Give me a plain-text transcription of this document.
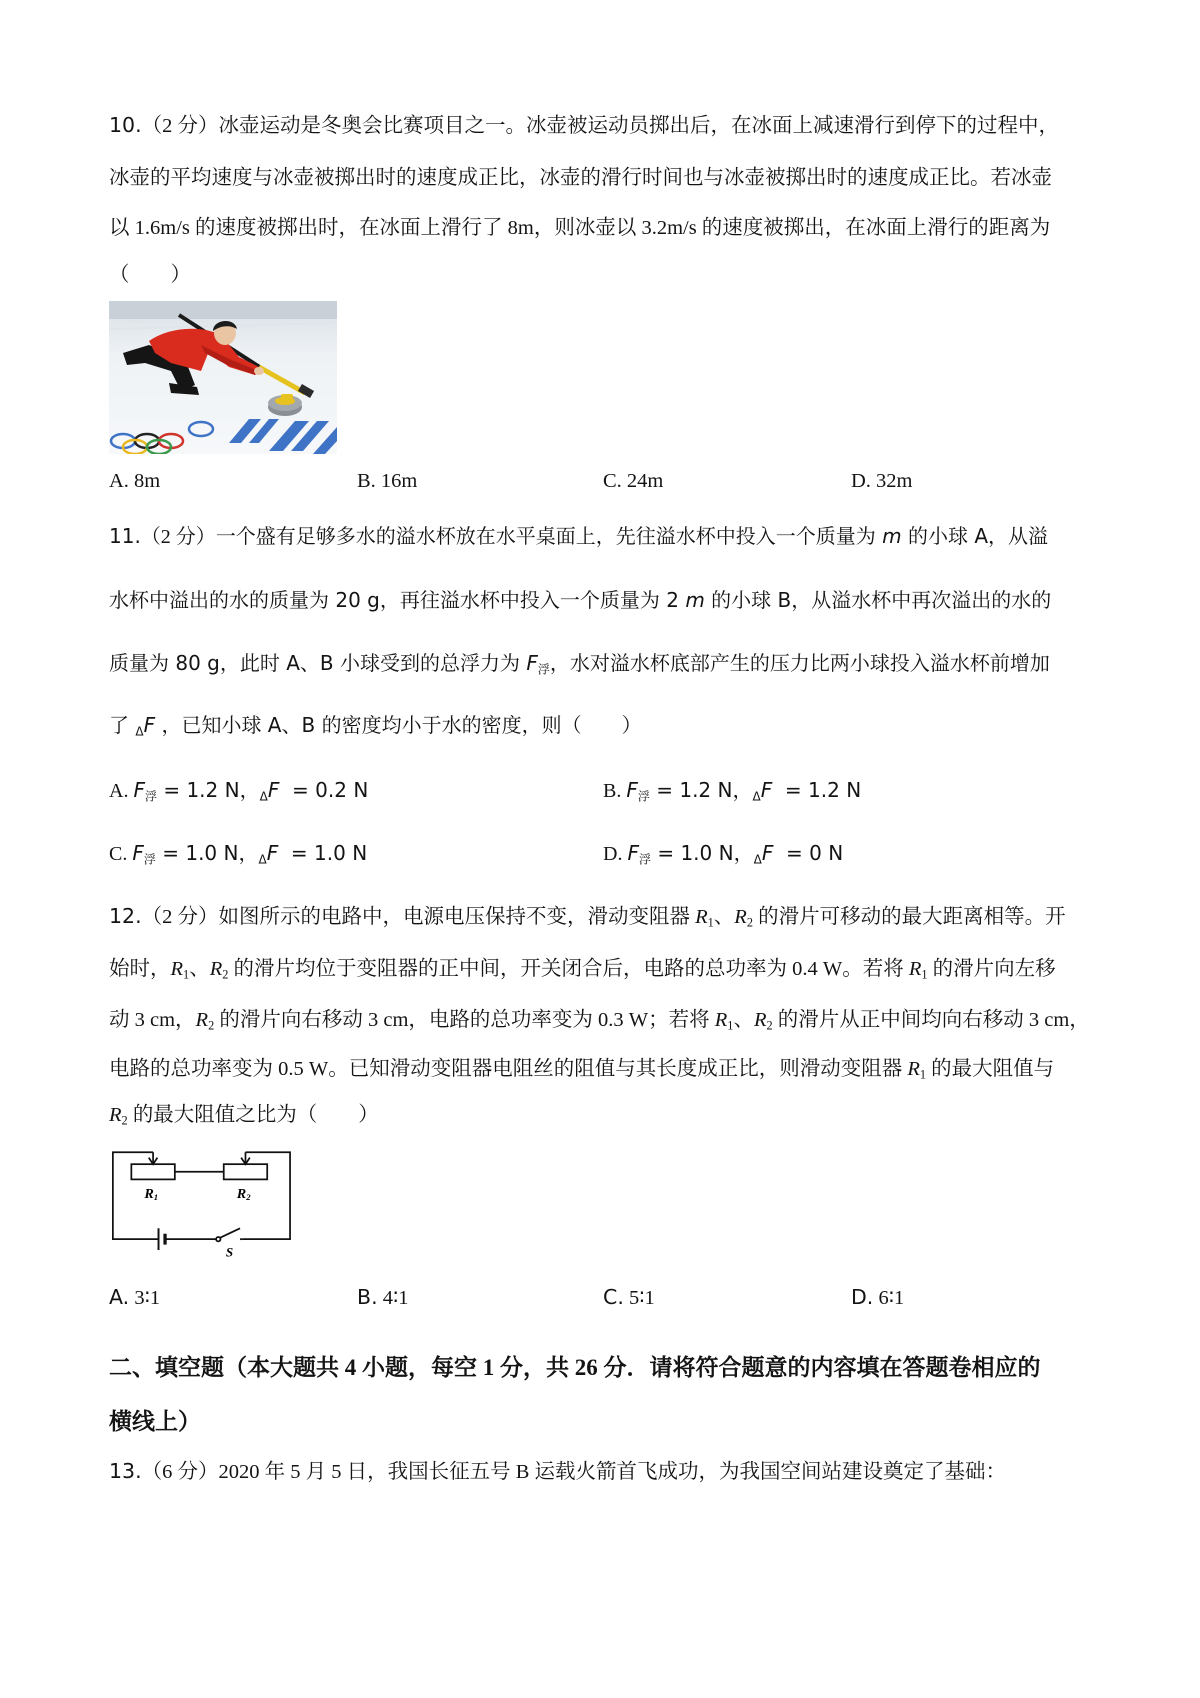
10.（2 分）冰壶运动是冬奥会比赛项目之一。冰壶被运动员掷出后，在冰面上减速滑行到停下的过程中，
冰壶的平均速度与冰壶被掷出时的速度成正比，冰壶的滑行时间也与冰壶被掷出时的速度成正比。若冰壶
以 1.6m/s 的速度被掷出时，在冰面上滑行了 8m，则冰壶以 3.2m/s 的速度被掷出，在冰面上滑行的距离为
（　　）
A. 8m	B. 16m	C. 24m	D. 32m
11.（2 分）一个盛有足够多水的溢水杯放在水平桌面上，先往溢水杯中投入一个质量为 m 的小球 A，从溢
水杯中溢出的水的质量为 20 g，再往溢水杯中投入一个质量为 2 m 的小球 B，从溢水杯中再次溢出的水的
质量为 80 g，此时 A、B 小球受到的总浮力为 $F_浮$，水对溢水杯底部产生的压力比两小球投入溢水杯前增加
了 $_\Delta$F ，已知小球 A、B 的密度均小于水的密度，则（　　）
A. $F_浮 = 1.2$ N，$_\Delta$F  = 0.2 N	B. $F_浮 = 1.2$ N，$_\Delta$F  = 1.2 N
C. $F_浮 = 1.0$ N，$_\Delta$F  = 1.0 N	D. $F_浮 = 1.0$ N，$_\Delta$F  = 0 N
12.（2 分）如图所示的电路中，电源电压保持不变，滑动变阻器 $R_1$、$R_2$ 的滑片可移动的最大距离相等。开
始时，$R_1$、$R_2$ 的滑片均位于变阻器的正中间，开关闭合后，电路的总功率为 0.4 W。若将 $R_1$ 的滑片向左移
动 3 cm，$R_2$ 的滑片向右移动 3 cm，电路的总功率变为 0.3 W；若将 $R_1$、$R_2$ 的滑片从正中间均向右移动 3 cm，
电路的总功率变为 0.5 W。已知滑动变阻器电阻丝的阻值与其长度成正比，则滑动变阻器 $R_1$ 的最大阻值与
$R_2$ 的最大阻值之比为（　　）
R1	R2
S
A. 3∶1	B. 4∶1	C. 5∶1	D. 6∶1
二、填空题（本大题共 4 小题，每空 1 分，共 26 分．请将符合题意的内容填在答题卷相应的
横线上）
13.（6 分）2020 年 5 月 5 日，我国长征五号 B 运载火箭首飞成功，为我国空间站建设奠定了基础：
